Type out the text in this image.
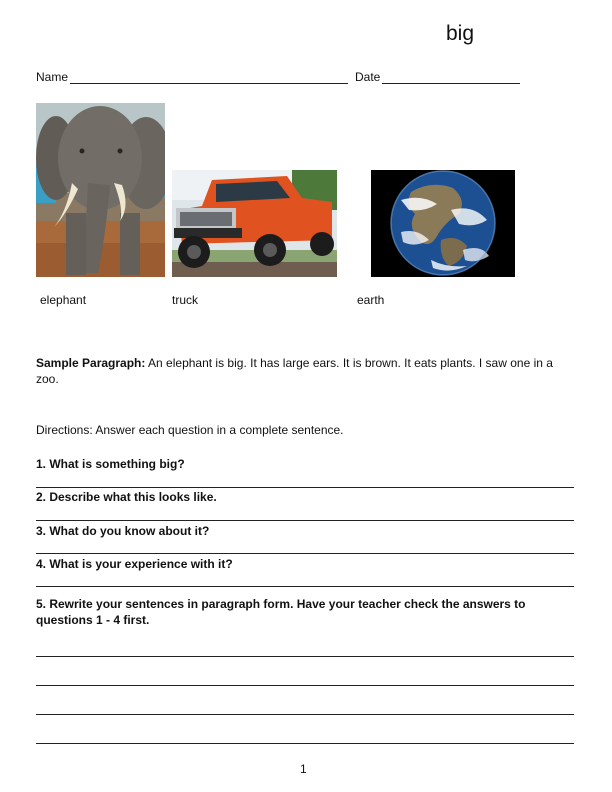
big
Name	Date
elephant	truck	earth
Sample Paragraph: An elephant is big. It has large ears. It is brown. It eats plants. I saw one in a zoo.
Directions: Answer each question in a complete sentence.
1. What is something big?
2. Describe what this looks like.
3. What do you know about it?
4. What is your experience with it?
5. Rewrite your sentences in paragraph form. Have your teacher check the answers to questions 1 - 4 first.
1
